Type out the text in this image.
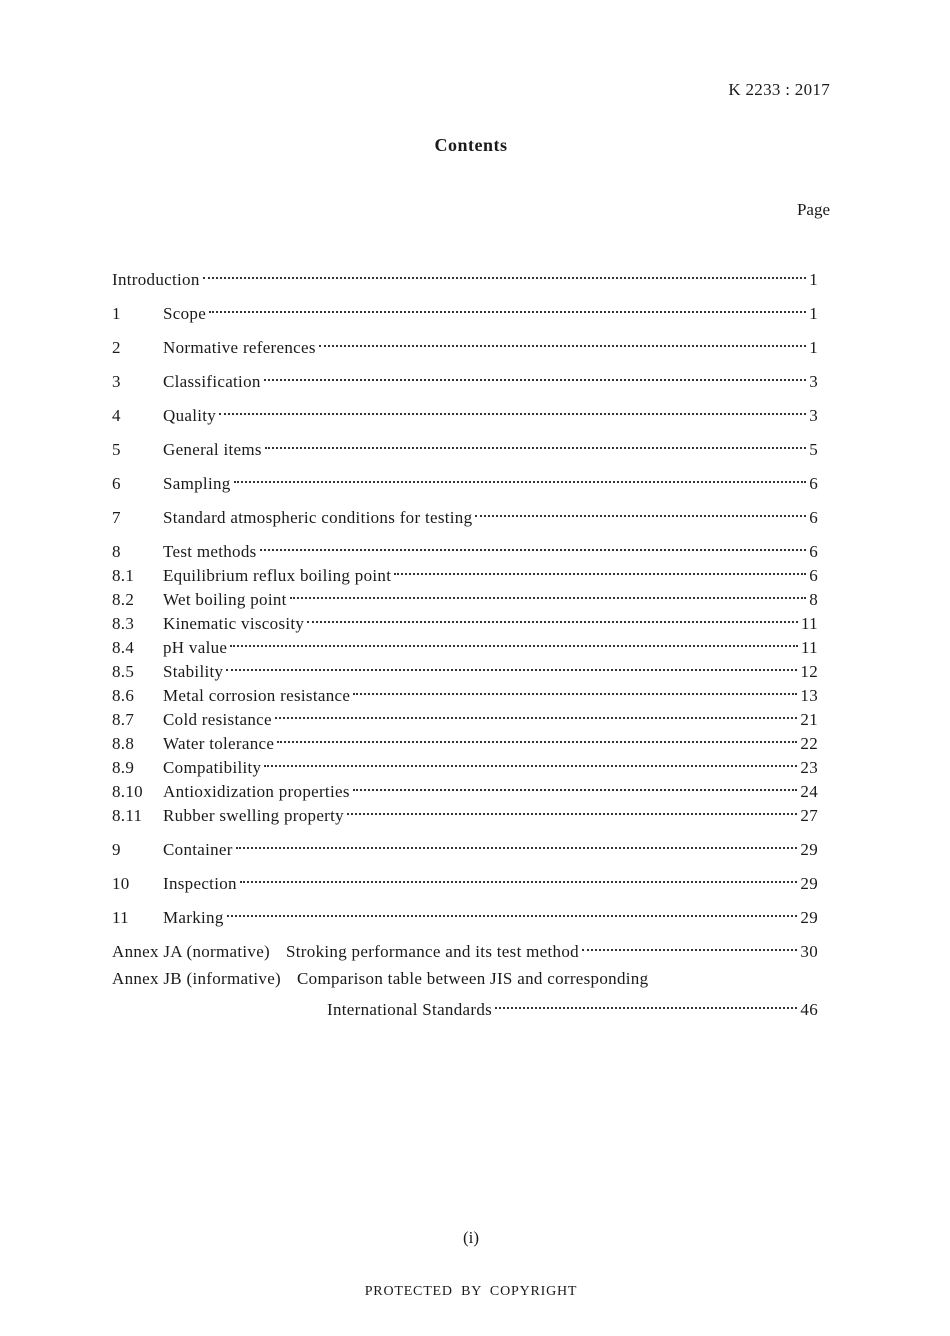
K 2233 : 2017
Contents
Page
Introduction	1
1	Scope	1
2	Normative references	1
3	Classification	3
4	Quality	3
5	General items	5
6	Sampling	6
7	Standard atmospheric conditions for testing	6
8	Test methods	6
8.1	Equilibrium reflux boiling point	6
8.2	Wet boiling point	8
8.3	Kinematic viscosity	11
8.4	pH value	11
8.5	Stability	12
8.6	Metal corrosion resistance	13
8.7	Cold resistance	21
8.8	Water tolerance	22
8.9	Compatibility	23
8.10	Antioxidization properties	24
8.11	Rubber swelling property	27
9	Container	29
10	Inspection	29
11	Marking	29
Annex JA (normative) Stroking performance and its test method	30
Annex JB (informative) Comparison table between JIS and corresponding
International Standards	46
(i)
PROTECTED BY COPYRIGHT
